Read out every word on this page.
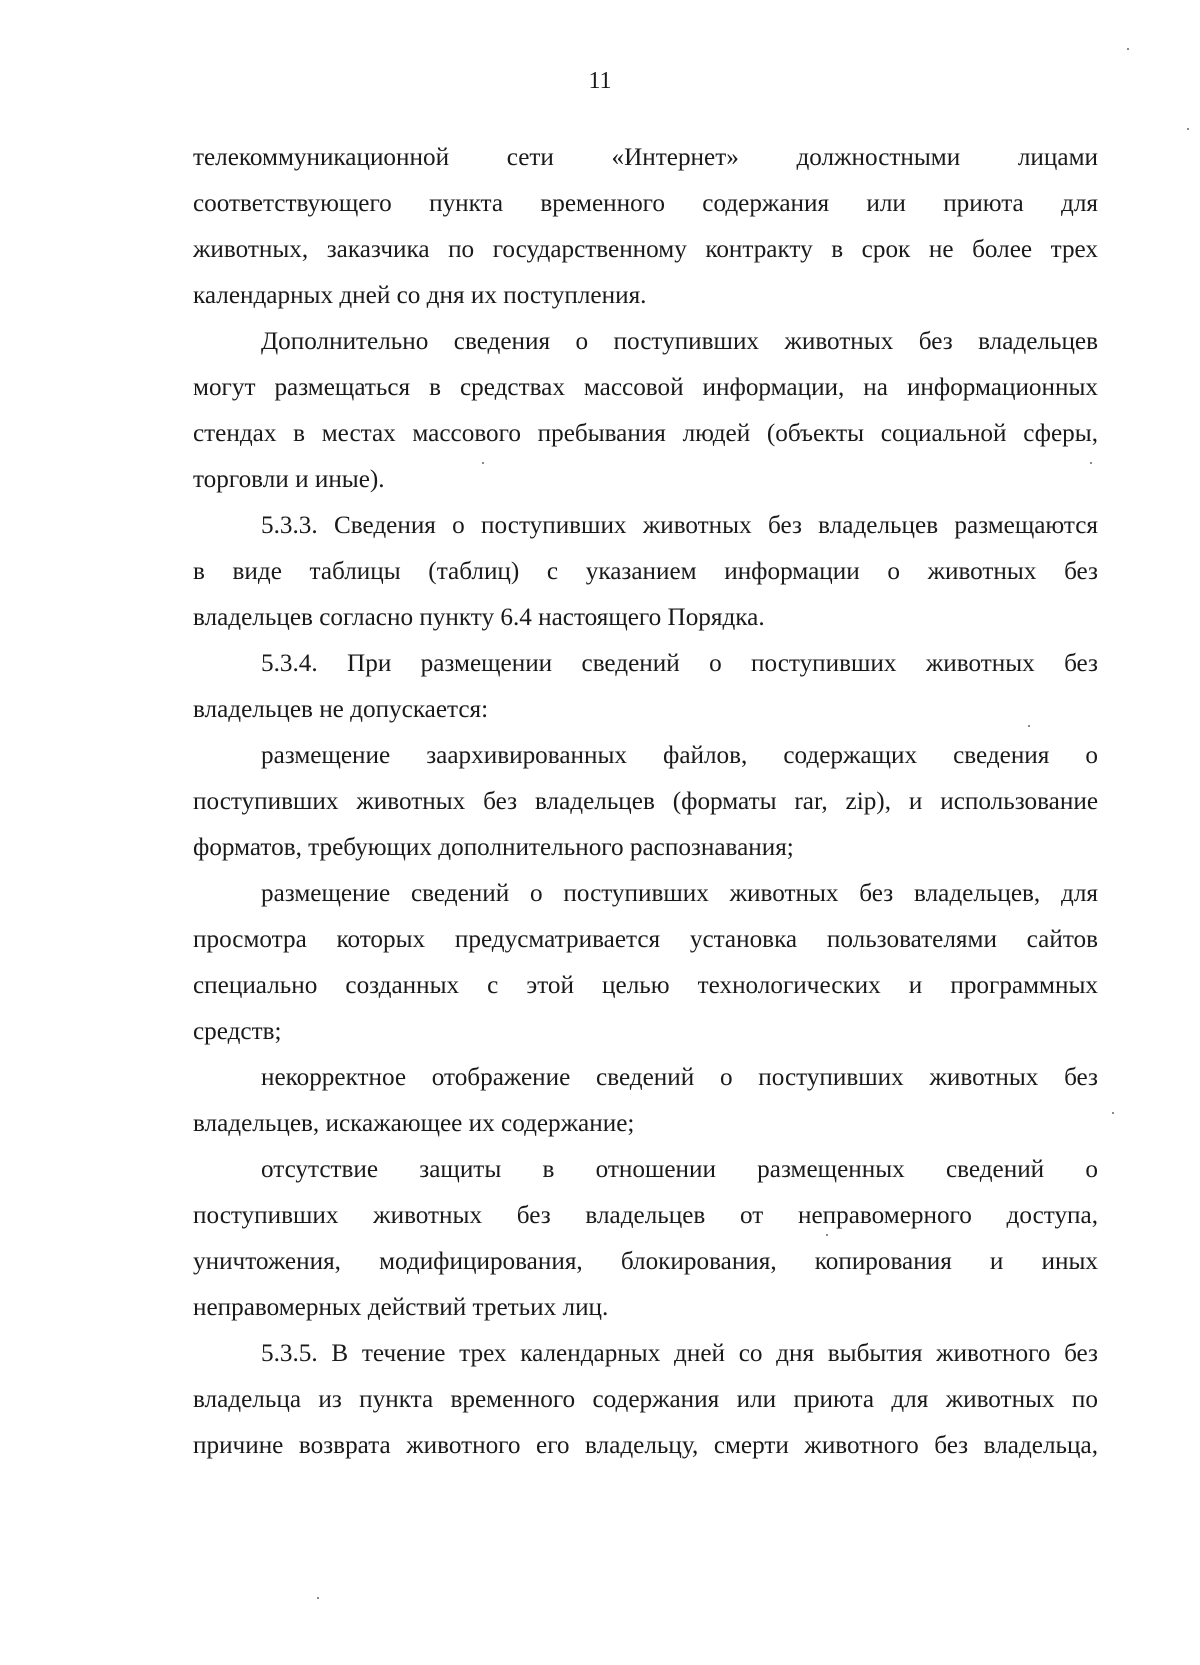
11

телекоммуникационной сети «Интернет» должностными лицами

соответствующего пункта временного содержания или приюта для

животных, заказчика по государственному контракту в срок не более трех

календарных дней со дня их поступления.

Дополнительно сведения о поступивших животных без владельцев

могут размещаться в средствах массовой информации, на информационных

стендах в местах массового пребывания людей (объекты социальной сферы,

торговли и иные).

5.3.3. Сведения о поступивших животных без владельцев размещаются

в виде таблицы (таблиц) с указанием информации о животных без

владельцев согласно пункту 6.4 настоящего Порядка.

5.3.4. При размещении сведений о поступивших животных без

владельцев не допускается:

размещение заархивированных файлов, содержащих сведения о

поступивших животных без владельцев (форматы rar, zip), и использование

форматов, требующих дополнительного распознавания;

размещение сведений о поступивших животных без владельцев, для

просмотра которых предусматривается установка пользователями сайтов

специально созданных с этой целью технологических и программных

средств;

некорректное отображение сведений о поступивших животных без

владельцев, искажающее их содержание;

отсутствие защиты в отношении размещенных сведений о

поступивших животных без владельцев от неправомерного доступа,

уничтожения, модифицирования, блокирования, копирования и иных

неправомерных действий третьих лиц.

5.3.5. В течение трех календарных дней со дня выбытия животного без

владельца из пункта временного содержания или приюта для животных по

причине возврата животного его владельцу, смерти животного без владельца,
